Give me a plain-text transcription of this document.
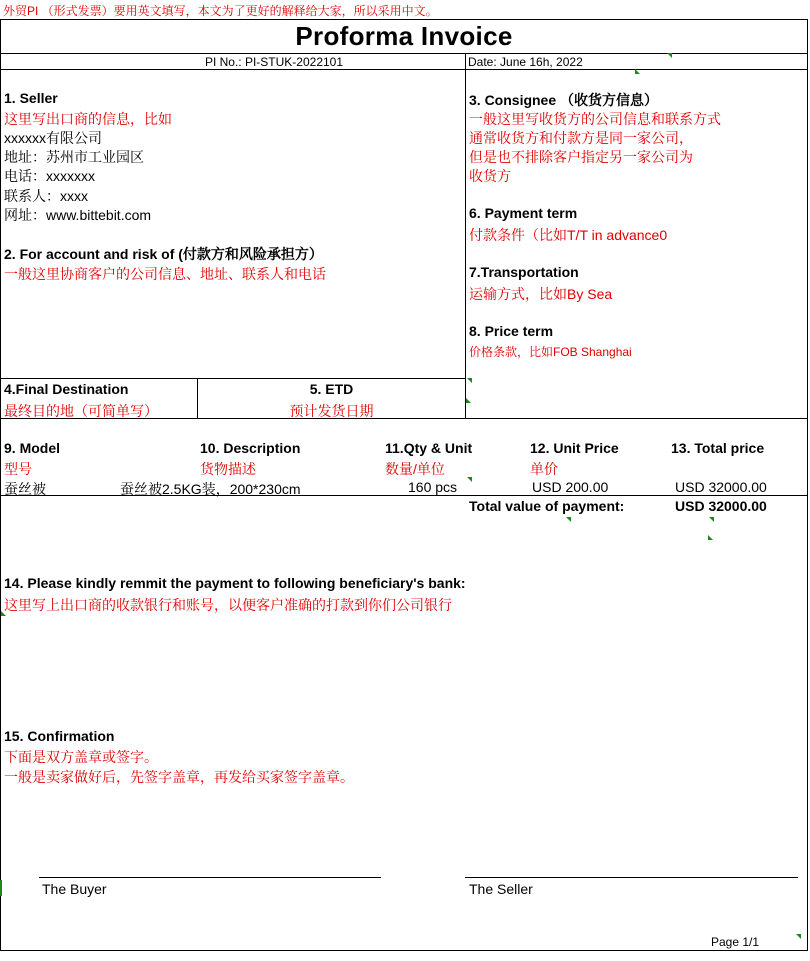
外贸PI （形式发票）要用英文填写，本文为了更好的解释给大家，所以采用中文。
Proforma Invoice
PI No.: PI-STUK-2022101	Date: June 16h, 2022
1. Seller
这里写出口商的信息，比如
xxxxxx有限公司
地址：苏州市工业园区
电话：xxxxxxx
联系人：xxxx
网址：www.bittebit.com
2. For account and risk of (付款方和风险承担方）
一般这里协商客户的公司信息、地址、联系人和电话
3. Consignee （收货方信息）
一般这里写收货方的公司信息和联系方式
通常收货方和付款方是同一家公司，
但是也不排除客户指定另一家公司为
收货方
6. Payment term
付款条件（比如T/T in advance0
7.Transportation
运输方式，比如By Sea
8. Price term
价格条款，比如FOB Shanghai
4.Final Destination
最终目的地（可简单写）
5. ETD
预计发货日期
9. Model	10. Description	11.Qty & Unit	12. Unit Price	13. Total price
型号	货物描述	数量/单位	单价
蚕丝被	蚕丝被2.5KG装，200*230cm	160 pcs	USD 200.00	USD 32000.00
Total value of payment:	USD 32000.00
14. Please kindly remmit the payment to following beneficiary's bank:
这里写上出口商的收款银行和账号，以便客户准确的打款到你们公司银行
15. Confirmation
下面是双方盖章或签字。
一般是卖家做好后，先签字盖章，再发给买家签字盖章。
The Buyer	The Seller
Page 1/1
